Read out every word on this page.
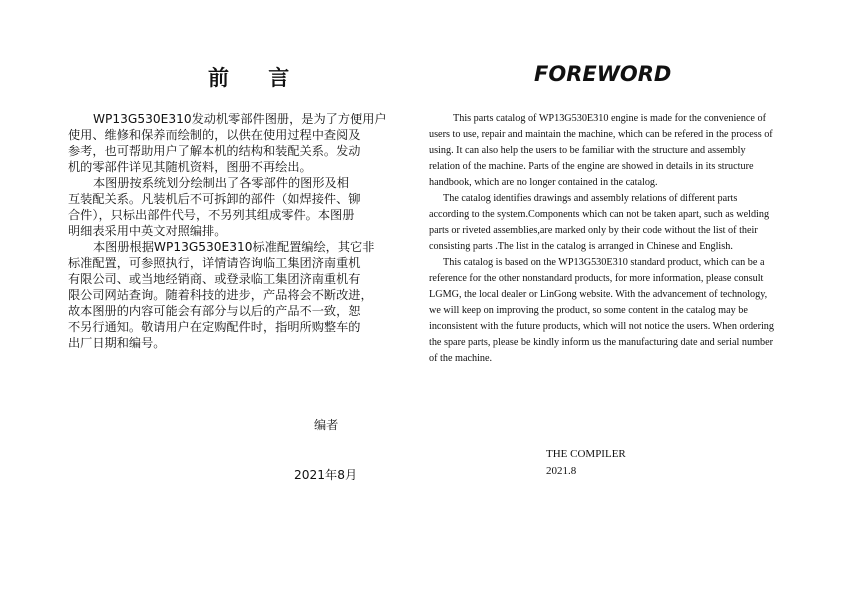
前 言	FOREWORD
WP13G530E310发动机零部件图册，是为了方便用户
使用、维修和保养而绘制的，以供在使用过程中查阅及
参考，也可帮助用户了解本机的结构和装配关系。发动
机的零部件详见其随机资料，图册不再绘出。
本图册按系统划分绘制出了各零部件的图形及相
互装配关系。凡装机后不可拆卸的部件（如焊接件、铆
合件），只标出部件代号，不另列其组成零件。本图册
明细表采用中英文对照编排。
本图册根据WP13G530E310标准配置编绘，其它非
标准配置，可参照执行，详情请咨询临工集团济南重机
有限公司、或当地经销商、或登录临工集团济南重机有
限公司网站查询。随着科技的进步，产品将会不断改进，
故本图册的内容可能会有部分与以后的产品不一致，恕
不另行通知。敬请用户在定购配件时，指明所购整车的
出厂日期和编号。
编者
2021年8月

This parts catalog of WP13G530E310 engine is made for the convenience of users to use, repair and maintain the machine, which can be refered in the process of using. It can also help the users to be familiar with the structure and assembly relation of the machine. Parts of the engine are showed in details in its structure handbook, which are no longer contained in the catalog.

The catalog identifies drawings and assembly relations of different parts according to the system.Components which can not be taken apart, such as welding parts or riveted assemblies,are marked only by their code without the list of their consisting parts .The list in the catalog is arranged in Chinese and English.

This catalog is based on the WP13G530E310 standard product, which can be a reference for the other nonstandard products, for more information, please consult LGMG, the local dealer or LinGong website. With the advancement of technology, we will keep on improving the product, so some content in the catalog may be inconsistent with the future products, which will not notice the users. When ordering the spare parts, please be kindly inform us the manufacturing date and serial number of the machine.

THE COMPILER
2021.8
